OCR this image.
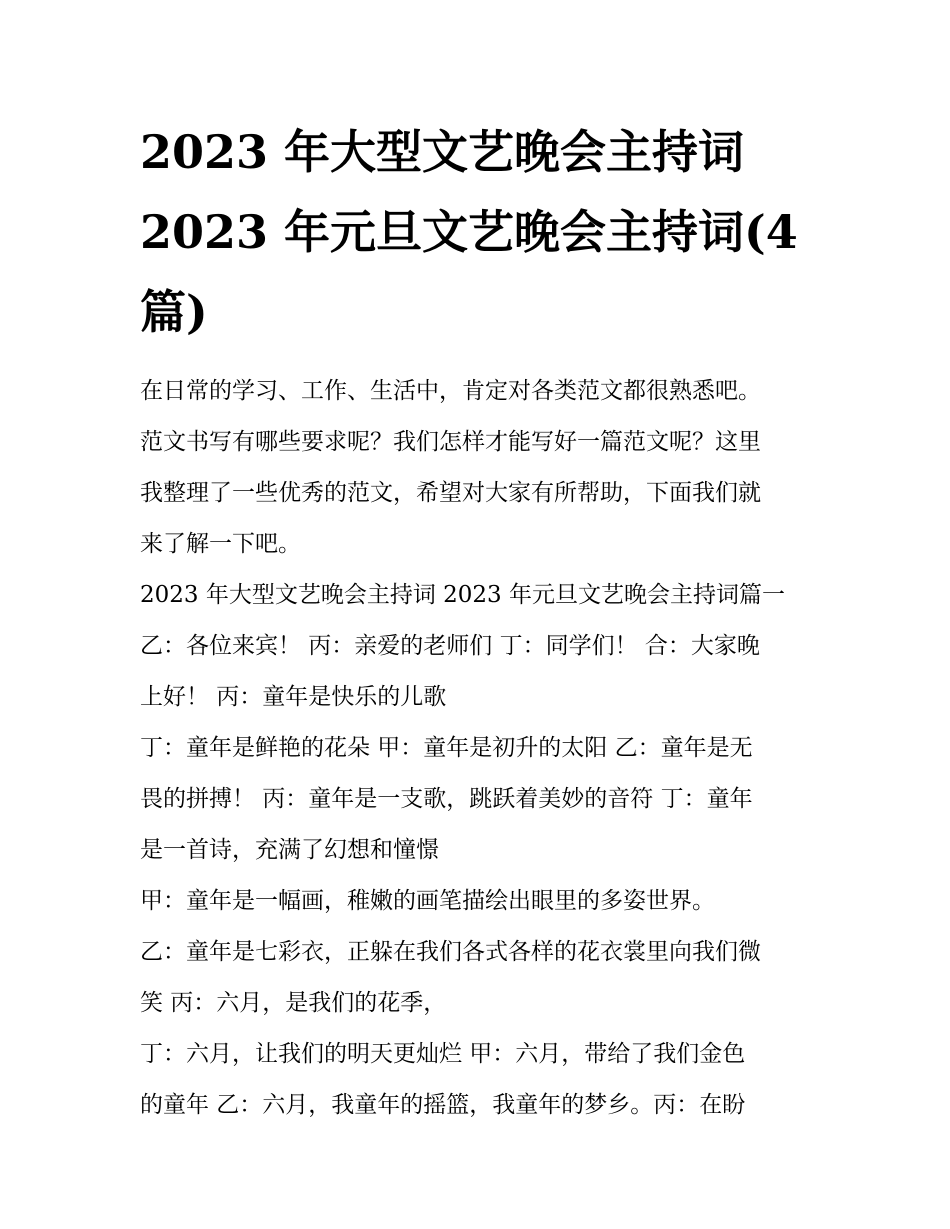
2023 年大型文艺晚会主持词
2023 年元旦文艺晚会主持词(4
篇)

在日常的学习、工作、生活中，肯定对各类范文都很熟悉吧。
范文书写有哪些要求呢？我们怎样才能写好一篇范文呢？这里
我整理了一些优秀的范文，希望对大家有所帮助，下面我们就
来了解一下吧。

2023 年大型文艺晚会主持词 2023 年元旦文艺晚会主持词篇一

乙：各位来宾！ 丙：亲爱的老师们 丁：同学们！ 合：大家晚
上好！ 丙：童年是快乐的儿歌

丁：童年是鲜艳的花朵 甲：童年是初升的太阳 乙：童年是无
畏的拼搏！ 丙：童年是一支歌，跳跃着美妙的音符 丁：童年
是一首诗，充满了幻想和憧憬

甲：童年是一幅画，稚嫩的画笔描绘出眼里的多姿世界。

乙：童年是七彩衣，正躲在我们各式各样的花衣裳里向我们微
笑 丙：六月，是我们的花季，

丁：六月，让我们的明天更灿烂 甲：六月，带给了我们金色
的童年 乙：六月，我童年的摇篮，我童年的梦乡。丙：在盼
